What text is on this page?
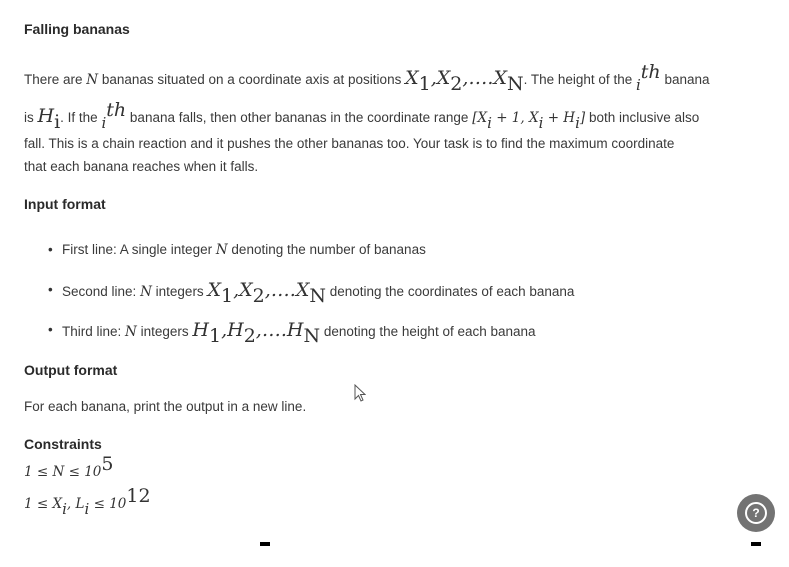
Falling bananas
There are N bananas situated on a coordinate axis at positions X1,X2,….XN. The height of the ith banana
is Hi. If the ith banana falls, then other bananas in the coordinate range [Xi + 1, Xi + Hi] both inclusive also
fall. This is a chain reaction and it pushes the other bananas too. Your task is to find the maximum coordinate
that each banana reaches when it falls.
Input format
• First line: A single integer N denoting the number of bananas
• Second line: N integers X1,X2,….XN denoting the coordinates of each banana
• Third line: N integers H1,H2,….HN denoting the height of each banana
Output format
For each banana, print the output in a new line.
Constraints
1 ≤ N ≤ 105
1 ≤ Xi, Li ≤ 1012
?
